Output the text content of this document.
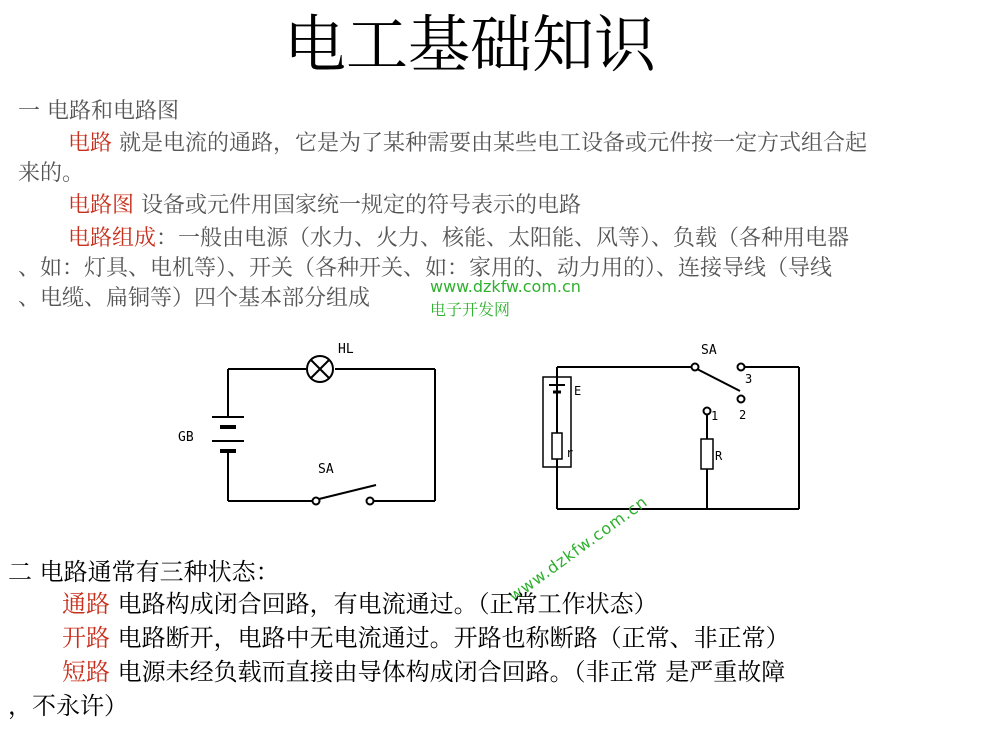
电工基础知识
一 电路和电路图
电路 就是电流的通路，它是为了某种需要由某些电工设备或元件按一定方式组合起
来的。
电路图 设备或元件用国家统一规定的符号表示的电路
电路组成：一般由电源（水力、火力、核能、太阳能、风等）、负载（各种用电器
、如：灯具、电机等）、开关（各种开关、如：家用的、动力用的）、连接导线（导线
、电缆、扁铜等）四个基本部分组成	www.dzkfw.com.cn
电子开发网
HL
GB
SA
SA
E
r	R
1 2
3
www.dzkfw.com.cn
二 电路通常有三种状态：
通路 电路构成闭合回路，有电流通过。（正常工作状态）
开路 电路断开，电路中无电流通过。开路也称断路（正常、非正常）
短路 电源未经负载而直接由导体构成闭合回路。（非正常 是严重故障
，不永许）
